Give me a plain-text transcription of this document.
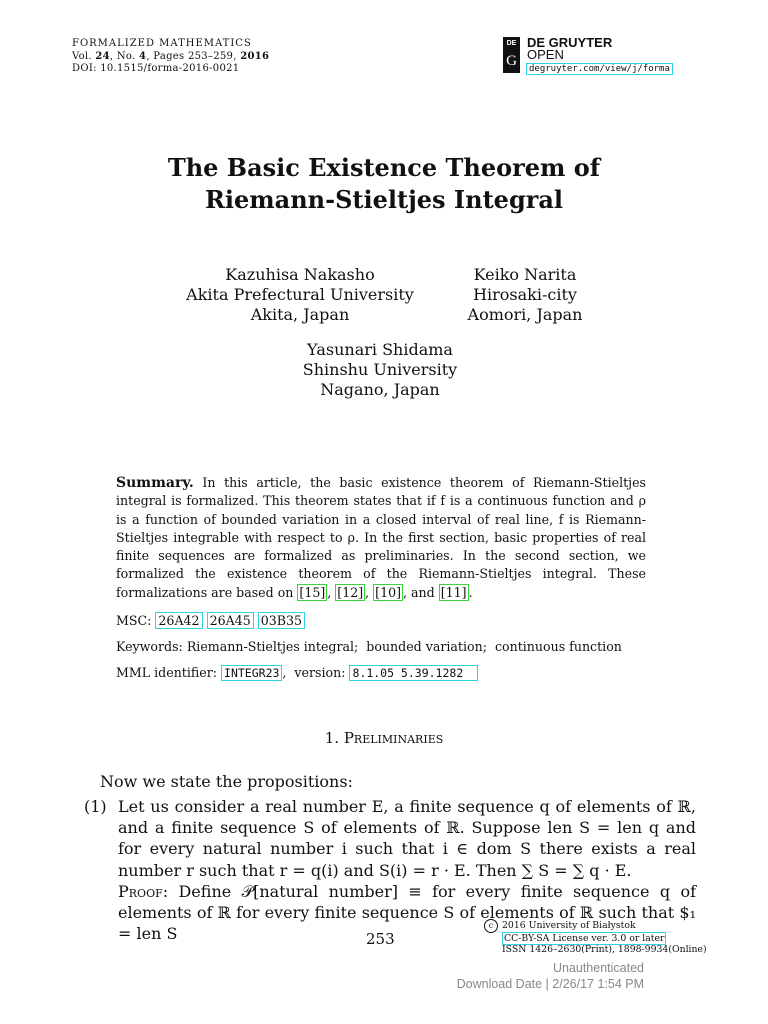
FORMALIZED MATHEMATICS
Vol. 24, No. 4, Pages 253–259, 2016
DOI: 10.1515/forma-2016-0021
DE
G
DE GRUYTER
OPEN
degruyter.com/view/j/forma
The Basic Existence Theorem of
Riemann-Stieltjes Integral
Kazuhisa Nakasho
Akita Prefectural University
Akita, Japan
Keiko Narita
Hirosaki-city
Aomori, Japan
Yasunari Shidama
Shinshu University
Nagano, Japan
Summary. In this article, the basic existence theorem of Riemann-Stieltjes integral is formalized. This theorem states that if f is a continuous function and ρ is a function of bounded variation in a closed interval of real line, f is Riemann-Stieltjes integrable with respect to ρ. In the first section, basic properties of real finite sequences are formalized as preliminaries. In the second section, we formalized the existence theorem of the Riemann-Stieltjes integral. These formalizations are based on [15] , [12] , [10] , and [11] .
MSC: 26A42 26A45 03B35
Keywords: Riemann-Stieltjes integral;  bounded variation;  continuous function
MML identifier: INTEGR23 ,  version: 8.1.05 5.39.1282
1. Preliminaries
Now we state the propositions:
(1) Let us consider a real number E, a finite sequence q of elements of ℝ, and a finite sequence S of elements of ℝ. Suppose len S = len q and for every natural number i such that i ∈ dom S there exists a real number r such that r = q(i) and S(i) = r · E. Then ∑ S = ∑ q · E.
Proof: Define 𝒫[natural number] ≡ for every finite sequence q of elements of ℝ for every finite sequence S of elements of ℝ such that $₁ = len S	253
c 2016 University of Białystok
CC-BY-SA License ver. 3.0 or later
ISSN 1426–2630(Print), 1898-9934(Online)
Unauthenticated
Download Date | 2/26/17 1:54 PM
